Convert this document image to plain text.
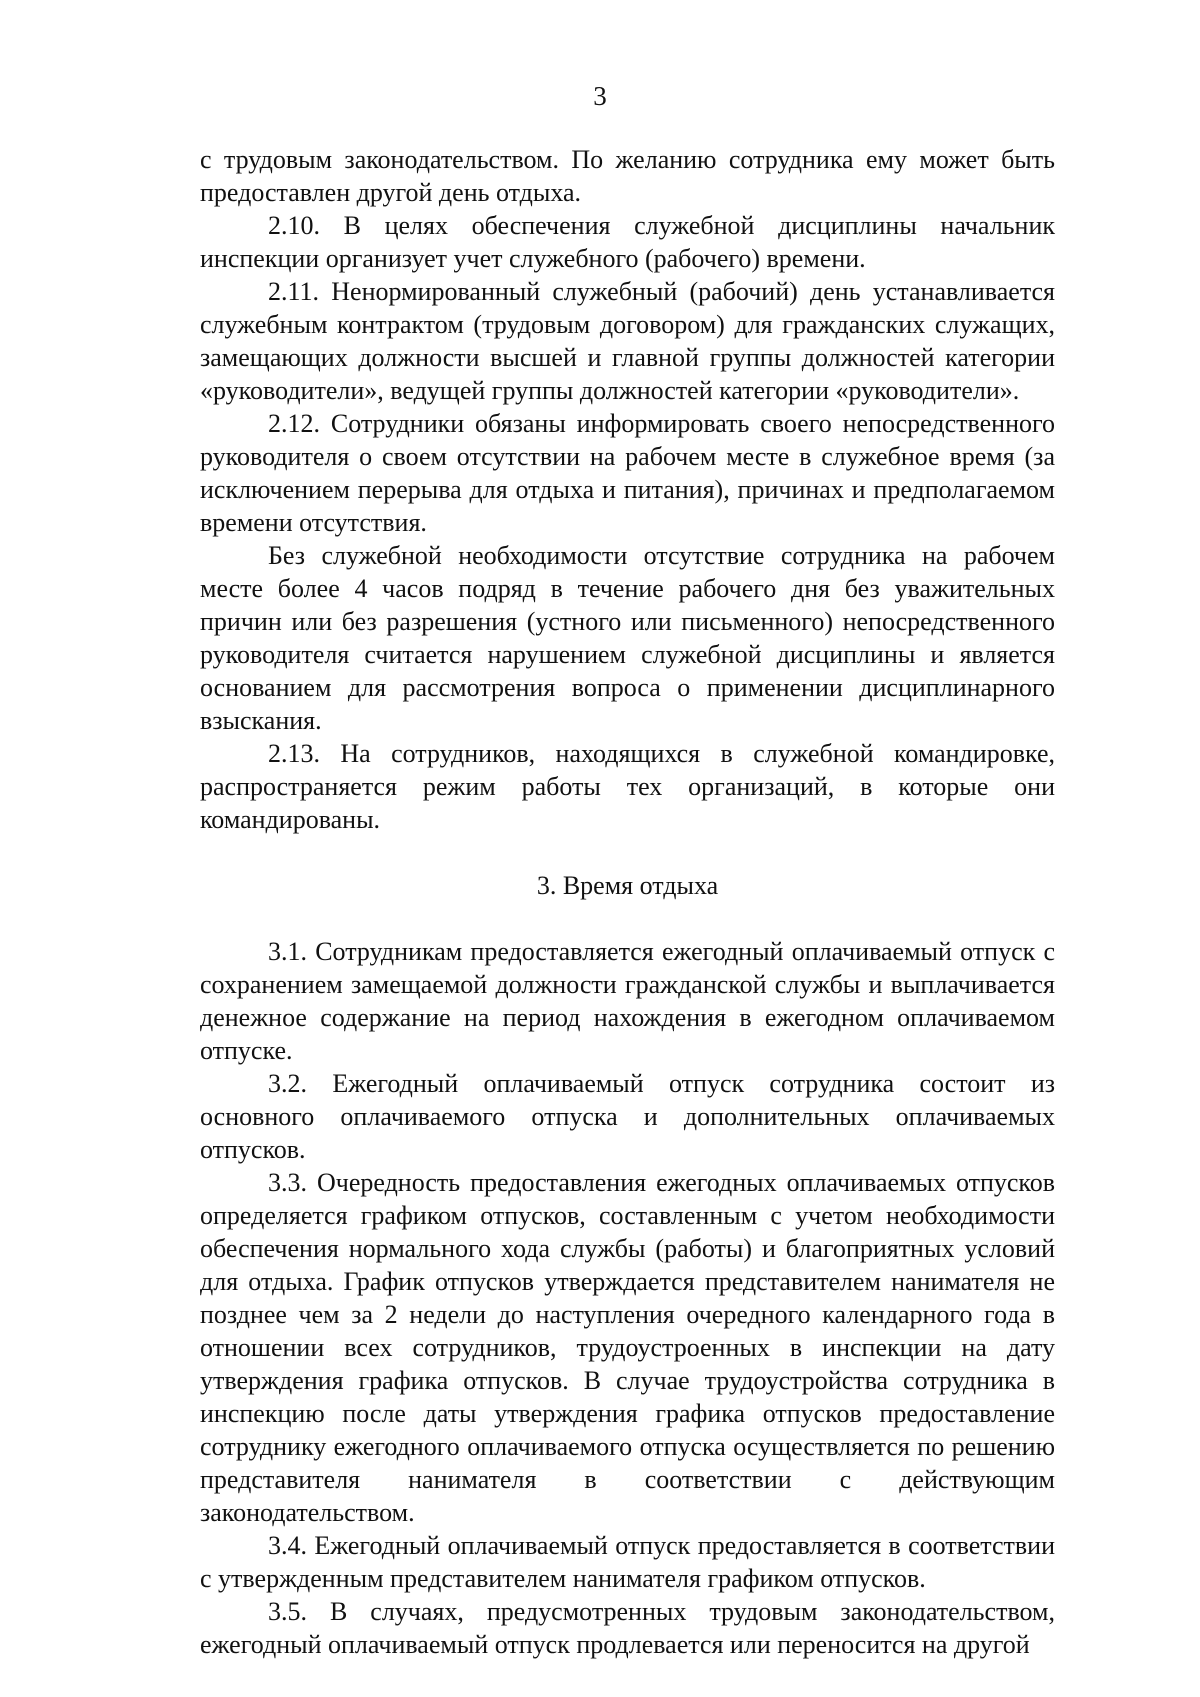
3

с трудовым законодательством. По желанию сотрудника ему может быть предоставлен другой день отдыха.

2.10. В целях обеспечения служебной дисциплины начальник инспекции организует учет служебного (рабочего) времени.

2.11. Ненормированный служебный (рабочий) день устанавливается служебным контрактом (трудовым договором) для гражданских служащих, замещающих должности высшей и главной группы должностей категории «руководители», ведущей группы должностей категории «руководители».

2.12. Сотрудники обязаны информировать своего непосредственного руководителя о своем отсутствии на рабочем месте в служебное время (за исключением перерыва для отдыха и питания), причинах и предполагаемом времени отсутствия.

Без служебной необходимости отсутствие сотрудника на рабочем месте более 4 часов подряд в течение рабочего дня без уважительных причин или без разрешения (устного или письменного) непосредственного руководителя считается нарушением служебной дисциплины и является основанием для рассмотрения вопроса о применении дисциплинарного взыскания.

2.13. На сотрудников, находящихся в служебной командировке, распространяется режим работы тех организаций, в которые они командированы.

3. Время отдыха

3.1. Сотрудникам предоставляется ежегодный оплачиваемый отпуск с сохранением замещаемой должности гражданской службы и выплачивается денежное содержание на период нахождения в ежегодном оплачиваемом отпуске.

3.2. Ежегодный оплачиваемый отпуск сотрудника состоит из основного оплачиваемого отпуска и дополнительных оплачиваемых отпусков.

3.3. Очередность предоставления ежегодных оплачиваемых отпусков определяется графиком отпусков, составленным с учетом необходимости обеспечения нормального хода службы (работы) и благоприятных условий для отдыха. График отпусков утверждается представителем нанимателя не позднее чем за 2 недели до наступления очередного календарного года в отношении всех сотрудников, трудоустроенных в инспекции на дату утверждения графика отпусков. В случае трудоустройства сотрудника в инспекцию после даты утверждения графика отпусков предоставление сотруднику ежегодного оплачиваемого отпуска осуществляется по решению представителя нанимателя в соответствии с действующим законодательством.

3.4. Ежегодный оплачиваемый отпуск предоставляется в соответствии с утвержденным представителем нанимателя графиком отпусков.

3.5. В случаях, предусмотренных трудовым законодательством, ежегодный оплачиваемый отпуск продлевается или переносится на другой
